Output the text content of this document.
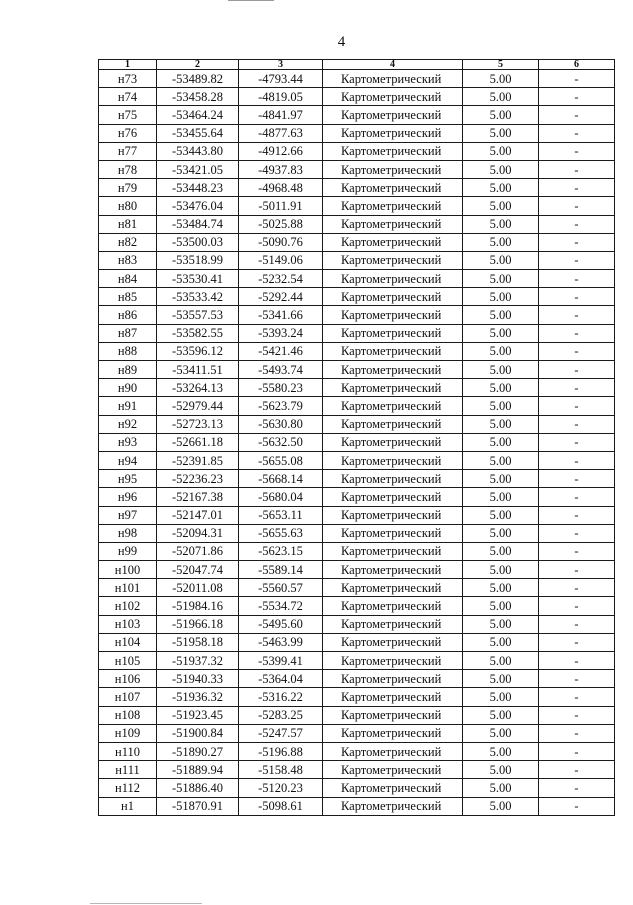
4
1	2	3	4	5	6
н73	-53489.82	-4793.44	Картометрический	5.00	-
н74	-53458.28	-4819.05	Картометрический	5.00	-
н75	-53464.24	-4841.97	Картометрический	5.00	-
н76	-53455.64	-4877.63	Картометрический	5.00	-
н77	-53443.80	-4912.66	Картометрический	5.00	-
н78	-53421.05	-4937.83	Картометрический	5.00	-
н79	-53448.23	-4968.48	Картометрический	5.00	-
н80	-53476.04	-5011.91	Картометрический	5.00	-
н81	-53484.74	-5025.88	Картометрический	5.00	-
н82	-53500.03	-5090.76	Картометрический	5.00	-
н83	-53518.99	-5149.06	Картометрический	5.00	-
н84	-53530.41	-5232.54	Картометрический	5.00	-
н85	-53533.42	-5292.44	Картометрический	5.00	-
н86	-53557.53	-5341.66	Картометрический	5.00	-
н87	-53582.55	-5393.24	Картометрический	5.00	-
н88	-53596.12	-5421.46	Картометрический	5.00	-
н89	-53411.51	-5493.74	Картометрический	5.00	-
н90	-53264.13	-5580.23	Картометрический	5.00	-
н91	-52979.44	-5623.79	Картометрический	5.00	-
н92	-52723.13	-5630.80	Картометрический	5.00	-
н93	-52661.18	-5632.50	Картометрический	5.00	-
н94	-52391.85	-5655.08	Картометрический	5.00	-
н95	-52236.23	-5668.14	Картометрический	5.00	-
н96	-52167.38	-5680.04	Картометрический	5.00	-
н97	-52147.01	-5653.11	Картометрический	5.00	-
н98	-52094.31	-5655.63	Картометрический	5.00	-
н99	-52071.86	-5623.15	Картометрический	5.00	-
н100	-52047.74	-5589.14	Картометрический	5.00	-
н101	-52011.08	-5560.57	Картометрический	5.00	-
н102	-51984.16	-5534.72	Картометрический	5.00	-
н103	-51966.18	-5495.60	Картометрический	5.00	-
н104	-51958.18	-5463.99	Картометрический	5.00	-
н105	-51937.32	-5399.41	Картометрический	5.00	-
н106	-51940.33	-5364.04	Картометрический	5.00	-
н107	-51936.32	-5316.22	Картометрический	5.00	-
н108	-51923.45	-5283.25	Картометрический	5.00	-
н109	-51900.84	-5247.57	Картометрический	5.00	-
н110	-51890.27	-5196.88	Картометрический	5.00	-
н111	-51889.94	-5158.48	Картометрический	5.00	-
н112	-51886.40	-5120.23	Картометрический	5.00	-
н1	-51870.91	-5098.61	Картометрический	5.00	-
